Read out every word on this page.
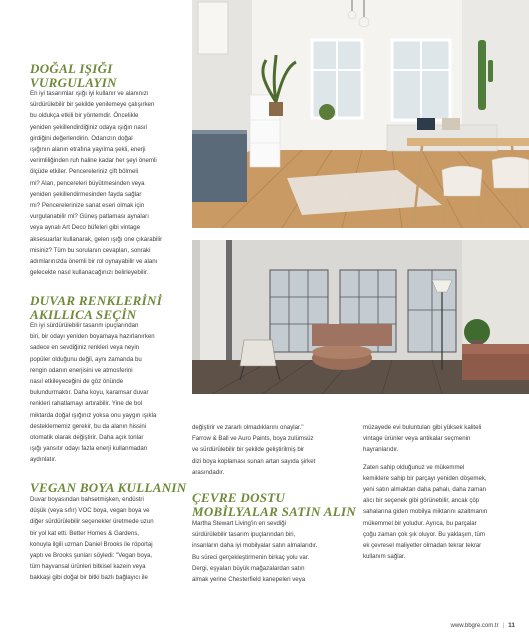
DOĞAL IŞIĞI
VURGULAYIN
En iyi tasarımlar ışığı iyi kullanır ve alanınızı
sürdürülebilir bir şekilde yenilemeye çalışırken
bu oldukça etkili bir yöntemdir. Öncelikle
yeniden şekillendirdiğiniz odaya ışığın nasıl
girdiğini değerlendirin. Odanızın doğal
ışığının alanın etrafına yayılma şekli, enerji
verimliliğinden ruh haline kadar her şeyi önemli
ölçüde etkiler. Pencereleriniz çift bölmeli
mi? Alan, pencereleri büyütmesinden veya
yeniden şekillendirmesinden fayda sağlar
mı? Pencerelerinize sanat eseri olmak için
vurgulanabilir mi? Güneş patlaması aynaları
veya aynalı Art Deco büfeleri gibi vintage
aksesuarlar kullanarak, gelen ışığı one çıkarabilir
misiniz? Tüm bu sorulanın cevapları, sonraki
adımlarınızda önemli bir rol oynayabilir ve alanı
gelecekte nasıl kullanacağınızı belirleyebilir.
DUVAR RENKLERİNİ
AKILLICA SEÇİN
En iyi sürdürülebilir tasarım ipuçlarından
biri, bir odayı yeniden boyamaya hazırlanırken
sadece en sevdiğiniz renkleri veya neyin
popüler olduğunu değil, aynı zamanda bu
rengin odanın enerjisini ve atmosferini
nasıl etkileyeceğini de göz önünde
bulundurmaktır. Daha koyu, karamsar duvar
renkleri rahatlamayı artırabilir. Yine de bol
miktarda doğal ışığınız yoksa onu yaygın ışıkla
desteklememiz gerekir, bu da alanın hissini
otomatik olarak değiştirir. Daha açık tonlar
ışığı yansıtır odayı fazla enerji kullanmadan
aydınlatır.
VEGAN BOYA KULLANIN
Duvar boyasından bahsetmişken, endüstri
düşük (veya sıfır) VOC boya, vegan boya ve
diğer sürdürülebilir seçenekler üretmede uzun
bir yol kat etti. Better Homes & Gardens,
konuyla ilgili uzman Daniel Brooks ile röportaj
yaptı ve Brooks şunları söyledi: "Vegan boya,
tüm hayvansal ürünleri bitkisel kazein veya
bakkaşi gibi doğal bir bitki bazlı bağlayıcı ile
değiştirir ve zararlı olmadıklarını onaylar."
Farrow & Ball ve Auro Paints, boya zulümsüz
ve sürdürülebilir bir şekilde geliştirilmiş bir
dizi boya koplaması sunan artan sayıda şirket
arasındadır.
ÇEVRE DOSTU
MOBİLYALAR SATIN ALIN
Martha Stewart Living'in en sevdiği
sürdürülebilir tasarım ipuçlarından biri,
insanların daha iyi mobilyalar satın almalarıdır.
Bu süreci gerçekleştirmenin birkaç yolu var.
Dergi, eşyaları büyük mağazalardan satın
almak yerine Chesterfield kanepeleri veya
müzayede evi buluntuları gibi yüksek kaliteli
vintage ürünler veya antikalar seçmenin
hayranlarıdır.
Zaten sahip olduğunuz ve mükemmel
kemiklere sahip bir parçayı yeniden döşemek,
yeni satın almaktan daha pahalı, daha zaman
alıcı bir seçenek gibi görünebilir, ancak çöp
sahalarına giden mobilya miktarını azaltmanın
mükemmel bir yoludur. Ayrıca, bu parçalar
çoğu zaman çok şık oluyor. Bu yaklaşım, tüm
ek çevresel maliyetler olmadan tekrar tekrar
kullanım sağlar.
www.bbgre.com.tr | 11
